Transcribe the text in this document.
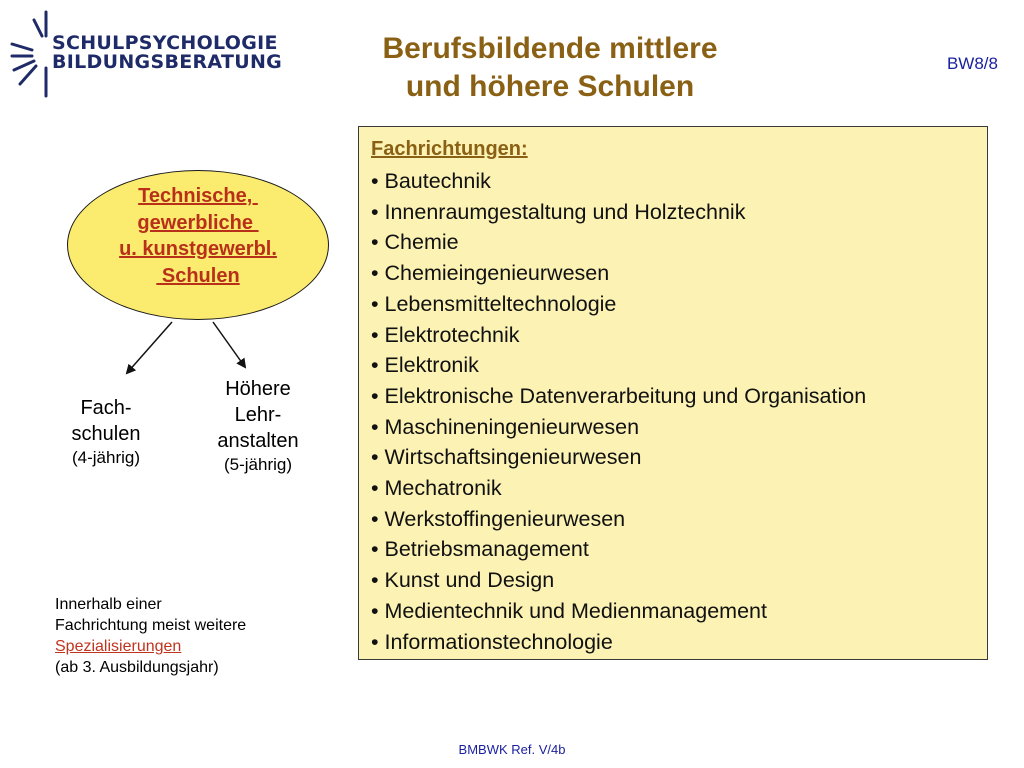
SCHULPSYCHOLOGIE
BILDUNGSBERATUNG	Berufsbildende mittlere
und höhere Schulen
BW8/8
Technische,
gewerbliche
u. kunstgewerbl.
Schulen
Fach-
schulen
(4-jährig)
Höhere
Lehr-
anstalten
(5-jährig)
Innerhalb einer
Fachrichtung meist weitere
Spezialisierungen
(ab 3. Ausbildungsjahr)
Fachrichtungen:
• Bautechnik
• Innenraumgestaltung und Holztechnik
• Chemie
• Chemieingenieurwesen
• Lebensmitteltechnologie
• Elektrotechnik
• Elektronik
• Elektronische Datenverarbeitung und Organisation
• Maschineningenieurwesen
• Wirtschaftsingenieurwesen
• Mechatronik
• Werkstoffingenieurwesen
• Betriebsmanagement
• Kunst und Design
• Medientechnik und Medienmanagement
• Informationstechnologie
BMBWK Ref. V/4b
